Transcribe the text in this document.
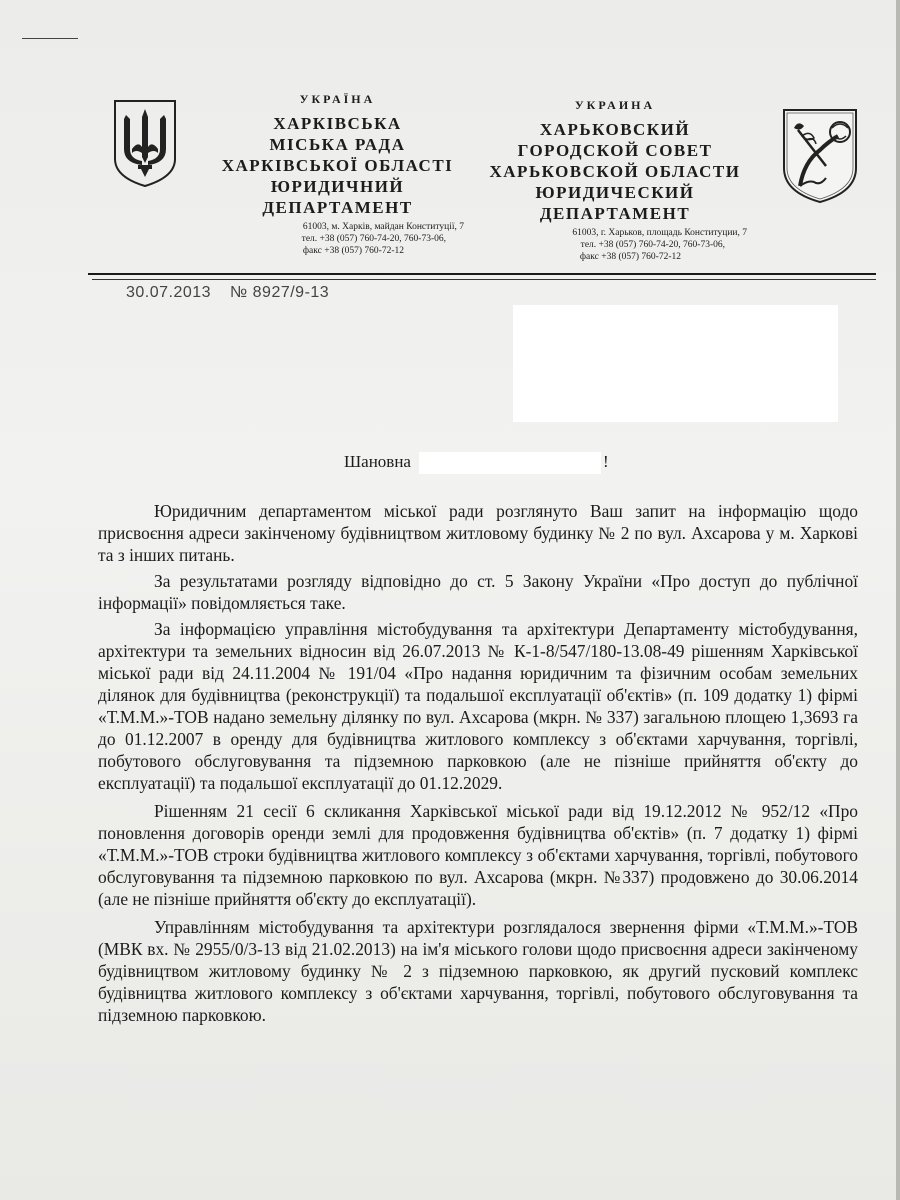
УКРАЇНА
ХАРКІВСЬКА
МІСЬКА РАДА
ХАРКІВСЬКОЇ ОБЛАСТІ
ЮРИДИЧНИЙ
ДЕПАРТАМЕНТ
61003, м. Харків, майдан Конституції, 7
тел. +38 (057) 760-74-20, 760-73-06,
факс +38 (057) 760-72-12
УКРАИНА
ХАРЬКОВСКИЙ
ГОРОДСКОЙ СОВЕТ
ХАРЬКОВСКОЙ ОБЛАСТИ
ЮРИДИЧЕСКИЙ
ДЕПАРТАМЕНТ
61003, г. Харьков, площадь Конституции, 7
тел. +38 (057) 760-74-20, 760-73-06,
факс +38 (057) 760-72-12
30.07.2013 № 8927/9-13
Шановна	!

Юридичним департаментом міської ради розглянуто Ваш запит на інформацію щодо присвоєння адреси закінченому будівництвом житловому будинку № 2 по вул. Ахсарова у м. Харкові та з інших питань.

За результатами розгляду відповідно до ст. 5 Закону України «Про доступ до публічної інформації» повідомляється таке.

За інформацією управління містобудування та архітектури Департаменту містобудування, архітектури та земельних відносин від 26.07.2013 № К-1-8/547/180-13.08-49 рішенням Харківської міської ради від 24.11.2004 № 191/04 «Про надання юридичним та фізичним особам земельних ділянок для будівництва (реконструкції) та подальшої експлуатації об'єктів» (п. 109 додатку 1) фірмі «Т.М.М.»-ТОВ надано земельну ділянку по вул. Ахсарова (мкрн. № 337) загальною площею 1,3693 га до 01.12.2007 в оренду для будівництва житлового комплексу з об'єктами харчування, торгівлі, побутового обслуговування та підземною парковкою (але не пізніше прийняття об'єкту до експлуатації) та подальшої експлуатації до 01.12.2029.

Рішенням 21 сесії 6 скликання Харківської міської ради від 19.12.2012 № 952/12 «Про поновлення договорів оренди землі для продовження будівництва об'єктів» (п. 7 додатку 1) фірмі «Т.М.М.»-ТОВ строки будівництва житлового комплексу з об'єктами харчування, торгівлі, побутового обслуговування та підземною парковкою по вул. Ахсарова (мкрн. №337) продовжено до 30.06.2014 (але не пізніше прийняття об'єкту до експлуатації).

Управлінням містобудування та архітектури розглядалося звернення фірми «Т.М.М.»-ТОВ (МВК вх. № 2955/0/3-13 від 21.02.2013) на ім'я міського голови щодо присвоєння адреси закінченому будівництвом житловому будинку № 2 з підземною парковкою, як другий пусковий комплекс будівництва житлового комплексу з об'єктами харчування, торгівлі, побутового обслуговування та підземною парковкою.
